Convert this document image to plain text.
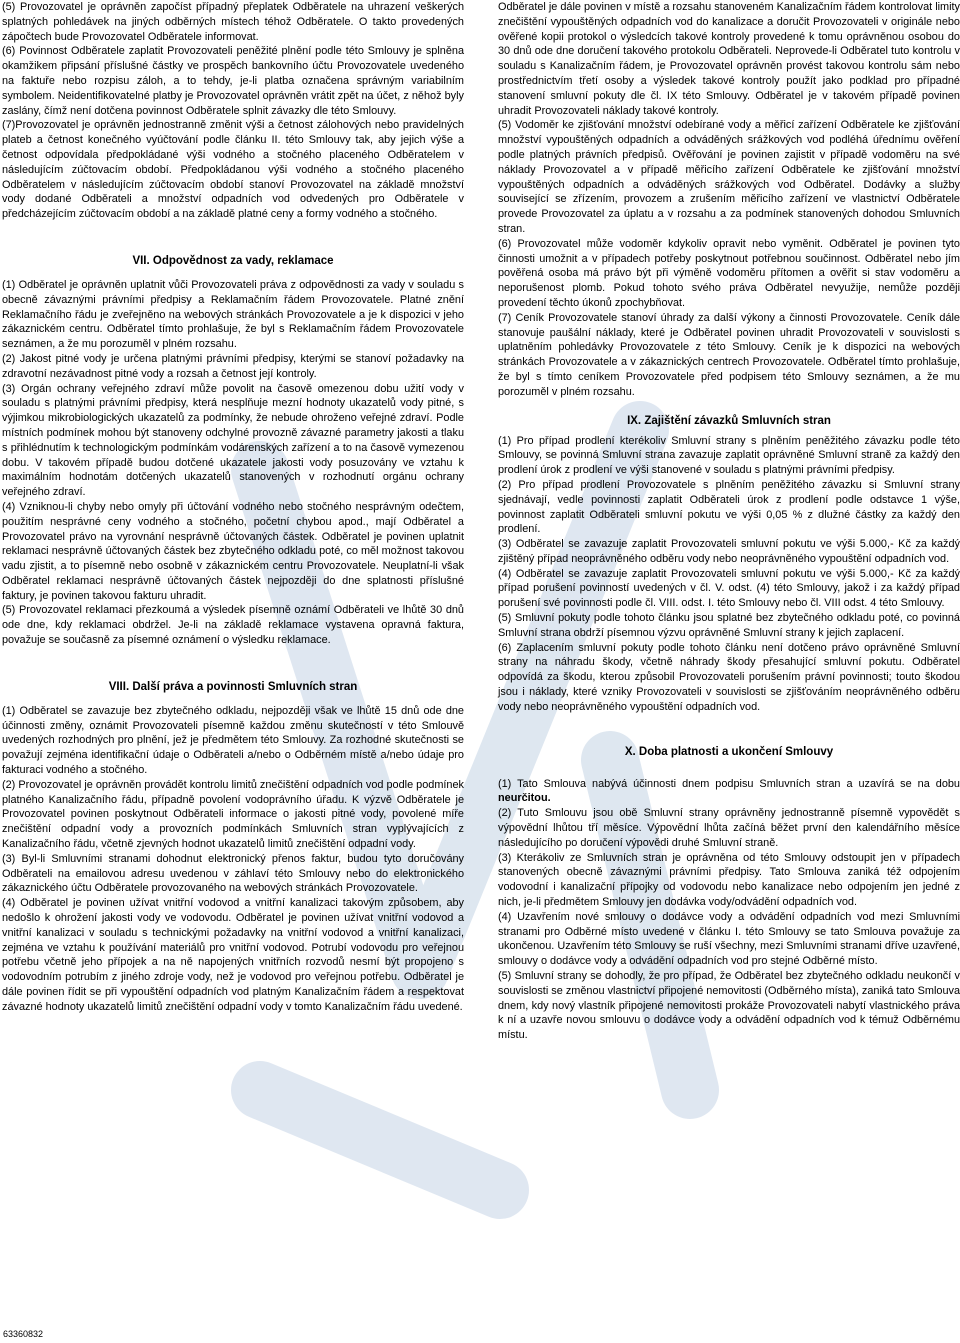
(5) Provozovatel je oprávněn započíst případný přeplatek Odběratele na uhrazení veškerých splatných pohledávek na jiných odběrných místech téhož Odběratele. O takto provedených zápočtech bude Provozovatel Odběratele informovat.

(6) Povinnost Odběratele zaplatit Provozovateli peněžité plnění podle této Smlouvy je splněna okamžikem připsání příslušné částky ve prospěch bankovního účtu Provozovatele uvedeného na faktuře nebo rozpisu záloh, a to tehdy, je-li platba označena správným variabilním symbolem. Neidentifikovatelné platby je Provozovatel oprávněn vrátit zpět na účet, z něhož byly zaslány, čímž není dotčena povinnost Odběratele splnit závazky dle této Smlouvy.

(7)Provozovatel je oprávněn jednostranně změnit výši a četnost zálohových nebo pravidelných plateb a četnost konečného vyúčtování podle článku II. této Smlouvy tak, aby jejich výše a četnost odpovídala předpokládané výši vodného a stočného placeného Odběratelem v následujícím zúčtovacím období. Předpokládanou výši vodného a stočného placeného Odběratelem v následujícím zúčtovacím období stanoví Provozovatel na základě množství vody dodané Odběrateli a množství odpadních vod odvedených pro Odběratele v předcházejícím zúčtovacím období a na základě platné ceny a formy vodného a stočného.

VII. Odpovědnost za vady, reklamace

(1) Odběratel je oprávněn uplatnit vůči Provozovateli práva z odpovědnosti za vady v souladu s obecně závaznými právními předpisy a Reklamačním řádem Provozovatele. Platné znění Reklamačního řádu je zveřejněno na webových stránkách Provozovatele a je k dispozici v jeho zákaznickém centru. Odběratel tímto prohlašuje, že byl s Reklamačním řádem Provozovatele seznámen, a že mu porozuměl v plném rozsahu.

(2) Jakost pitné vody je určena platnými právními předpisy, kterými se stanoví požadavky na zdravotní nezávadnost pitné vody a rozsah a četnost její kontroly.

(3) Orgán ochrany veřejného zdraví může povolit na časově omezenou dobu užití vody v souladu s platnými právními předpisy, která nesplňuje mezní hodnoty ukazatelů vody pitné, s výjimkou mikrobiologických ukazatelů za podmínky, že nebude ohroženo veřejné zdraví. Podle místních podmínek mohou být stanoveny odchylné provozně závazné parametry jakosti a tlaku s přihlédnutím k technologickým podmínkám vodárenských zařízení a to na časově vymezenou dobu. V takovém případě budou dotčené ukazatele jakosti vody posuzovány ve vztahu k maximálním hodnotám dotčených ukazatelů stanovených v rozhodnutí orgánu ochrany veřejného zdraví.

(4) Vzniknou-li chyby nebo omyly při účtování vodného nebo stočného nesprávným odečtem, použitím nesprávné ceny vodného a stočného, početní chybou apod., mají Odběratel a Provozovatel právo na vyrovnání nesprávně účtovaných částek. Odběratel je povinen uplatnit reklamaci nesprávně účtovaných částek bez zbytečného odkladu poté, co měl možnost takovou vadu zjistit, a to písemně nebo osobně v zákaznickém centru Provozovatele. Neuplatní-li však Odběratel reklamaci nesprávně účtovaných částek nejpozději do dne splatnosti příslušné faktury, je povinen takovou fakturu uhradit.

(5) Provozovatel reklamaci přezkoumá a výsledek písemně oznámí Odběrateli ve lhůtě 30 dnů ode dne, kdy reklamaci obdržel. Je-li na základě reklamace vystavena opravná faktura, považuje se současně za písemné oznámení o výsledku reklamace.

VIII. Další práva a povinnosti Smluvních stran

(1) Odběratel se zavazuje bez zbytečného odkladu, nejpozději však ve lhůtě 15 dnů ode dne účinnosti změny, oznámit Provozovateli písemně každou změnu skutečností v této Smlouvě uvedených rozhodných pro plnění, jež je předmětem této Smlouvy. Za rozhodné skutečnosti se považují zejména identifikační údaje o Odběrateli a/nebo o Odběrném místě a/nebo údaje pro fakturaci vodného a stočného.

(2) Provozovatel je oprávněn provádět kontrolu limitů znečištění odpadních vod podle podmínek platného Kanalizačního řádu, případně povolení vodoprávního úřadu. K výzvě Odběratele je Provozovatel povinen poskytnout Odběrateli informace o jakosti pitné vody, povolené míře znečištění odpadní vody a provozních podmínkách Smluvních stran vyplývajících z Kanalizačního řádu, včetně zjevných hodnot ukazatelů limitů znečištění odpadní vody.

(3) Byl-li Smluvními stranami dohodnut elektronický přenos faktur, budou tyto doručovány Odběrateli na emailovou adresu uvedenou v záhlaví této Smlouvy nebo do elektronického zákaznického účtu Odběratele provozovaného na webových stránkách Provozovatele.

(4) Odběratel je povinen užívat vnitřní vodovod a vnitřní kanalizaci takovým způsobem, aby nedošlo k ohrožení jakosti vody ve vodovodu. Odběratel je povinen užívat vnitřní vodovod a vnitřní kanalizaci v souladu s technickými požadavky na vnitřní vodovod a vnitřní kanalizaci, zejména ve vztahu k používání materiálů pro vnitřní vodovod. Potrubí vodovodu pro veřejnou potřebu včetně jeho přípojek a na ně napojených vnitřních rozvodů nesmí být propojeno s vodovodním potrubím z jiného zdroje vody, než je vodovod pro veřejnou potřebu. Odběratel je dále povinen řídit se při vypouštění odpadních vod platným Kanalizačním řádem a respektovat závazné hodnoty ukazatelů limitů znečištění odpadní vody v tomto Kanalizačním řádu uvedené.

Odběratel je dále povinen v místě a rozsahu stanoveném Kanalizačním řádem kontrolovat limity znečištění vypouštěných odpadních vod do kanalizace a doručit Provozovateli v originále nebo ověřené kopii protokol o výsledcích takové kontroly provedené k tomu oprávněnou osobou do 30 dnů ode dne doručení takového protokolu Odběrateli. Neprovede-li Odběratel tuto kontrolu v souladu s Kanalizačním řádem, je Provozovatel oprávněn provést takovou kontrolu sám nebo prostřednictvím třetí osoby a výsledek takové kontroly použít jako podklad pro případné stanovení smluvní pokuty dle čl. IX této Smlouvy. Odběratel je v takovém případě povinen uhradit Provozovateli náklady takové kontroly.

(5) Vodoměr ke zjišťování množství odebírané vody a měřicí zařízení Odběratele ke zjišťování množství vypouštěných odpadních a odváděných srážkových vod podléhá úřednímu ověření podle platných právních předpisů. Ověřování je povinen zajistit v případě vodoměru na své náklady Provozovatel a v případě měřicího zařízení Odběratele ke zjišťování množství vypouštěných odpadních a odváděných srážkových vod Odběratel. Dodávky a služby související se zřízením, provozem a zrušením měřicího zařízení ve vlastnictví Odběratele provede Provozovatel za úplatu a v rozsahu a za podmínek stanovených dohodou Smluvních stran.

(6) Provozovatel může vodoměr kdykoliv opravit nebo vyměnit. Odběratel je povinen tyto činnosti umožnit a v případech potřeby poskytnout potřebnou součinnost. Odběratel nebo jím pověřená osoba má právo být při výměně vodoměru přítomen a ověřit si stav vodoměru a neporušenost plomb. Pokud tohoto svého práva Odběratel nevyužije, nemůže později provedení těchto úkonů zpochybňovat.

(7) Ceník Provozovatele stanoví úhrady za další výkony a činnosti Provozovatele. Ceník dále stanovuje paušální náklady, které je Odběratel povinen uhradit Provozovateli v souvislosti s uplatněním pohledávky Provozovatele z této Smlouvy. Ceník je k dispozici na webových stránkách Provozovatele a v zákaznických centrech Provozovatele. Odběratel tímto prohlašuje, že byl s tímto ceníkem Provozovatele před podpisem této Smlouvy seznámen, a že mu porozuměl v plném rozsahu.

IX. Zajištění závazků Smluvních stran

(1) Pro případ prodlení kterékoliv Smluvní strany s plněním peněžitého závazku podle této Smlouvy, se povinná Smluvní strana zavazuje zaplatit oprávněné Smluvní straně za každý den prodlení úrok z prodlení ve výši stanovené v souladu s platnými právními předpisy.

(2) Pro případ prodlení Provozovatele s plněním peněžitého závazku si Smluvní strany sjednávají, vedle povinnosti zaplatit Odběrateli úrok z prodlení podle odstavce 1 výše, povinnost zaplatit Odběrateli smluvní pokutu ve výši 0,05 % z dlužné částky za každý den prodlení.

(3) Odběratel se zavazuje zaplatit Provozovateli smluvní pokutu ve výši 5.000,- Kč za každý zjištěný případ neoprávněného odběru vody nebo neoprávněného vypouštění odpadních vod.

(4) Odběratel se zavazuje zaplatit Provozovateli smluvní pokutu ve výši 5.000,- Kč za každý případ porušení povinností uvedených v čl. V. odst. (4) této Smlouvy, jakož i za každý případ porušení své povinnosti podle čl. VIII. odst. I. této Smlouvy nebo čl. VIII odst. 4 této Smlouvy.

(5) Smluvní pokuty podle tohoto článku jsou splatné bez zbytečného odkladu poté, co povinná Smluvní strana obdrží písemnou výzvu oprávněné Smluvní strany k jejich zaplacení.

(6) Zaplacením smluvní pokuty podle tohoto článku není dotčeno právo oprávněné Smluvní strany na náhradu škody, včetně náhrady škody přesahující smluvní pokutu. Odběratel odpovídá za škodu, kterou způsobil Provozovateli porušením právní povinnosti; touto škodou jsou i náklady, které vzniky Provozovateli v souvislosti se zjišťováním neoprávněného odběru vody nebo neoprávněného vypouštění odpadních vod.

X. Doba platnosti a ukončení Smlouvy

(1) Tato Smlouva nabývá účinnosti dnem podpisu Smluvních stran a uzavírá se na dobu neurčitou.

(2) Tuto Smlouvu jsou obě Smluvní strany oprávněny jednostranně písemně vypovědět s výpovědní lhůtou tří měsíce. Výpovědní lhůta začíná běžet první den kalendářního měsíce následujícího po doručení výpovědi druhé Smluvní straně.

(3) Kterákoliv ze Smluvních stran je oprávněna od této Smlouvy odstoupit jen v případech stanovených obecně závaznými právními předpisy. Tato Smlouva zaniká též odpojením vodovodní i kanalizační přípojky od vodovodu nebo kanalizace nebo odpojením jen jedné z nich, je-li předmětem Smlouvy jen dodávka vody/odvádění odpadních vod.

(4) Uzavřením nové smlouvy o dodávce vody a odvádění odpadních vod mezi Smluvními stranami pro Odběrné místo uvedené v článku I. této Smlouvy se tato Smlouva považuje za ukončenou. Uzavřením této Smlouvy se ruší všechny, mezi Smluvními stranami dříve uzavřené, smlouvy o dodávce vody a odvádění odpadních vod pro stejné Odběrné místo.

(5) Smluvní strany se dohodly, že pro případ, že Odběratel bez zbytečného odkladu neukončí v souvislosti se změnou vlastnictví připojené nemovitosti (Odběrného místa), zaniká tato Smlouva dnem, kdy nový vlastník připojené nemovitosti prokáže Provozovateli nabytí vlastnického práva k ní a uzavře novou smlouvu o dodávce vody a odvádění odpadních vod k témuž Odběrnému místu.

63360832
